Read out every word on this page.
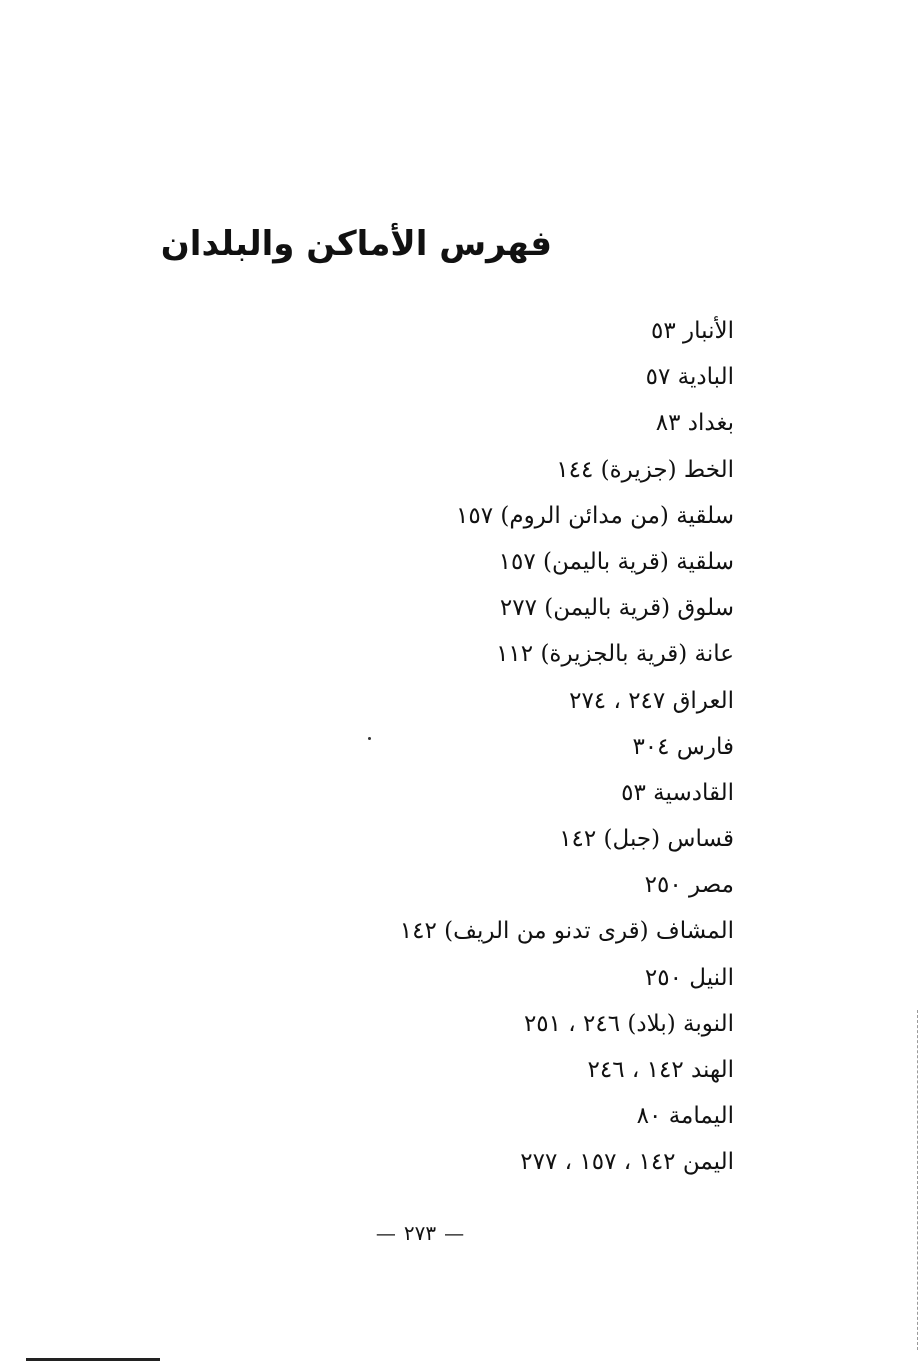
فهرس الأماكن والبلدان
الأنبار ٥٣
البادية ٥٧
بغداد ٨٣
الخط (جزيرة) ١٤٤
سلقية (من مدائن الروم) ١٥٧
سلقية (قرية باليمن) ١٥٧
سلوق (قرية باليمن) ٢٧٧
عانة (قرية بالجزيرة) ١١٢
العراق ٢٤٧ ، ٢٧٤
فارس ٣٠٤
القادسية ٥٣
قساس (جبل) ١٤٢
مصر ٢٥٠
المشاف (قرى تدنو من الريف) ١٤٢
النيل ٢٥٠
النوبة (بلاد) ٢٤٦ ، ٢٥١
الهند ١٤٢ ، ٢٤٦
اليمامة ٨٠
اليمن ١٤٢ ، ١٥٧ ، ٢٧٧
—٢٧٣—
